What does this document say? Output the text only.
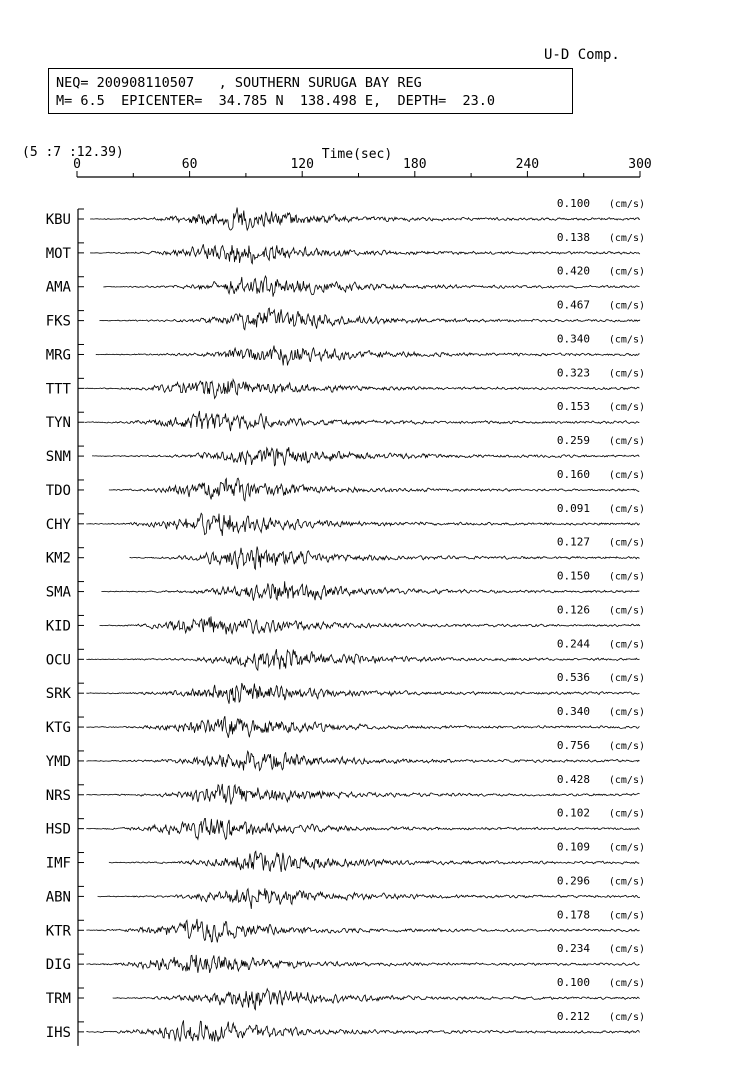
U-D Comp.
NEQ= 200908110507 , SOUTHERN SURUGA BAY REG
M= 6.5 EPICENTER= 34.785 N 138.498 E, DEPTH= 23.0
(5 :7 :12.39)	Time(sec)
0	60	120	180	240	300
KBU
0.100 (cm/s)
MOT
0.138 (cm/s)
AMA
0.420 (cm/s)
FKS
0.467 (cm/s)
MRG
0.340 (cm/s)
TTT
0.323 (cm/s)
TYN
0.153 (cm/s)
SNM
0.259 (cm/s)
TDO
0.160 (cm/s)
CHY
0.091 (cm/s)
KM2
0.127 (cm/s)
SMA
0.150 (cm/s)
KID
0.126 (cm/s)
OCU
0.244 (cm/s)
SRK
0.536 (cm/s)
KTG
0.340 (cm/s)
YMD
0.756 (cm/s)
NRS
0.428 (cm/s)
HSD
0.102 (cm/s)
IMF
0.109 (cm/s)
ABN
0.296 (cm/s)
KTR
0.178 (cm/s)
DIG
0.234 (cm/s)
TRM
0.100 (cm/s)
IHS
0.212 (cm/s)
